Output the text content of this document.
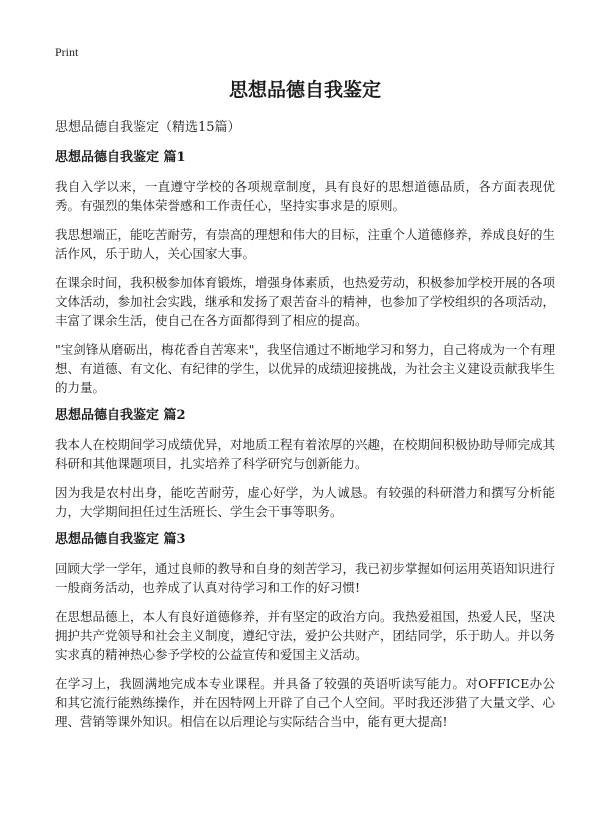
Print
思想品德自我鉴定
思想品德自我鉴定（精选15篇）
思想品德自我鉴定 篇1

我自入学以来，一直遵守学校的各项规章制度，具有良好的思想道德品质，各方面表现优秀。有强烈的集体荣誉感和工作责任心，坚持实事求是的原则。

我思想端正，能吃苦耐劳，有崇高的理想和伟大的目标，注重个人道德修养，养成良好的生活作风，乐于助人，关心国家大事。

在课余时间，我积极参加体育锻炼，增强身体素质，也热爱劳动，积极参加学校开展的各项文体活动，参加社会实践，继承和发扬了艰苦奋斗的精神，也参加了学校组织的各项活动，丰富了课余生活，使自己在各方面都得到了相应的提高。

"宝剑锋从磨砺出，梅花香自苦寒来"，我坚信通过不断地学习和努力，自己将成为一个有理想、有道德、有文化、有纪律的学生，以优异的成绩迎接挑战，为社会主义建设贡献我毕生的力量。

思想品德自我鉴定 篇2

我本人在校期间学习成绩优异，对地质工程有着浓厚的兴趣，在校期间积极协助导师完成其科研和其他课题项目，扎实培养了科学研究与创新能力。

因为我是农村出身，能吃苦耐劳，虚心好学，为人诚恳。有较强的科研潜力和撰写分析能力，大学期间担任过生活班长、学生会干事等职务。

思想品德自我鉴定 篇3

回顾大学一学年，通过良师的教导和自身的刻苦学习，我已初步掌握如何运用英语知识进行一般商务活动，也养成了认真对待学习和工作的好习惯!

在思想品德上，本人有良好道德修养，并有坚定的政治方向。我热爱祖国，热爱人民，坚决拥护共产党领导和社会主义制度，遵纪守法，爱护公共财产，团结同学，乐于助人。并以务实求真的精神热心参予学校的公益宣传和爱国主义活动。

在学习上，我圆满地完成本专业课程。并具备了较强的英语听读写能力。对OFFICE办公和其它流行能熟练操作，并在因特网上开辟了自己个人空间。平时我还涉猎了大量文学、心理、营销等课外知识。相信在以后理论与实际结合当中，能有更大提高!
